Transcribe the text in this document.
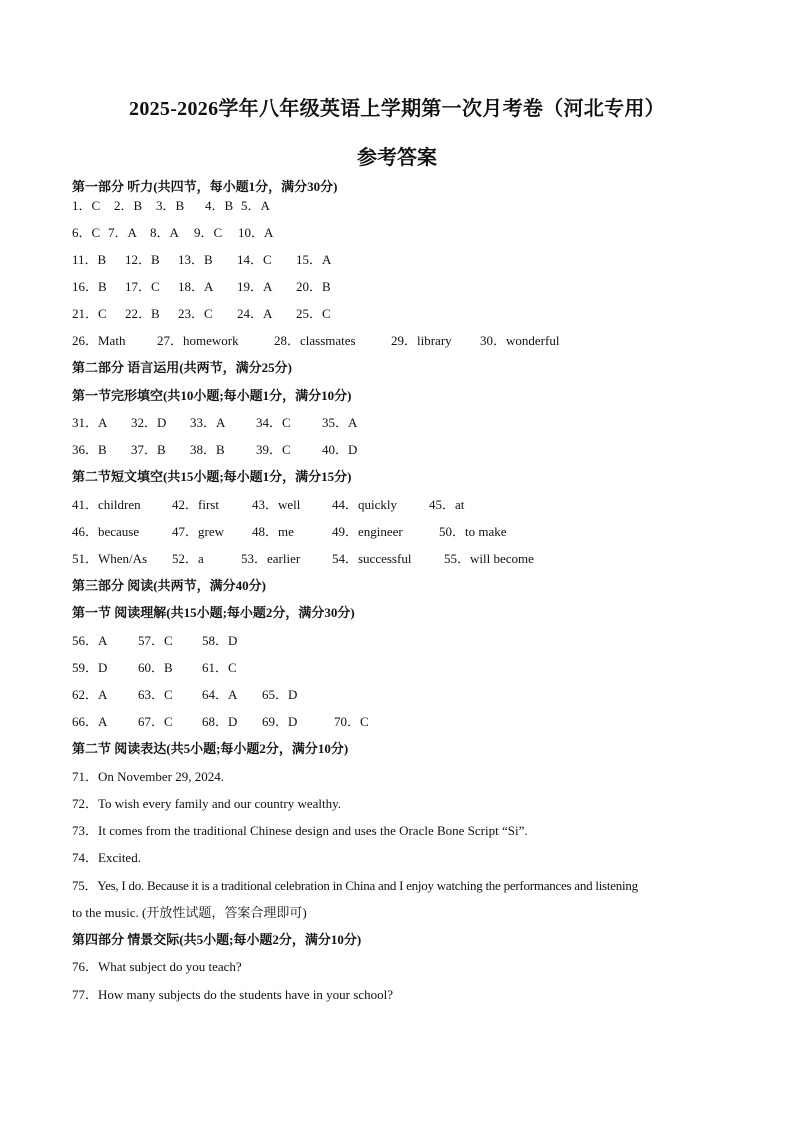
2025-2026学年八年级英语上学期第一次月考卷（河北专用）
参考答案
第一部分 听力(共四节，每小题1分，满分30分)
1．C 2．B 3．B 4．B 5．A
6．C 7．A 8．A 9．C 10．A
11．B 12．B 13．B 14．C 15．A
16．B 17．C 18．A 19．A 20．B
21．C 22．B 23．C 24．A 25．C
26．Math 27．homework	28．classmates	29．library 30．wonderful
第二部分 语言运用(共两节，满分25分)
第一节完形填空(共10小题;每小题1分，满分10分)
31．A 32．D 33．A 34．C 35．A
36．B 37．B 38．B 39．C 40．D
第二节短文填空(共15小题;每小题1分，满分15分)
41．children 42．first	43．well 44．quickly 45．at
46．because	47．grew 48．me	49．engineer	50．to make
51．When/As 52．a	53．earlier 54．successful	55．will become
第三部分 阅读(共两节，满分40分)
第一节 阅读理解(共15小题;每小题2分，满分30分)
56．A 57．C 58．D
59．D 60．B 61．C
62．A 63．C 64．A 65．D
66．A 67．C 68．D 69．D	70．C
第二节 阅读表达(共5小题;每小题2分，满分10分)
71．On November 29, 2024.
72．To wish every family and our country wealthy.
73．It comes from the traditional Chinese design and uses the Oracle Bone Script “Si”.
74．Excited.
75．Yes, I do. Because it is a traditional celebration in China and I enjoy watching the performances and listening
to the music. (开放性试题，答案合理即可)
第四部分 情景交际(共5小题;每小题2分，满分10分)
76．What subject do you teach?
77．How many subjects do the students have in your school?
